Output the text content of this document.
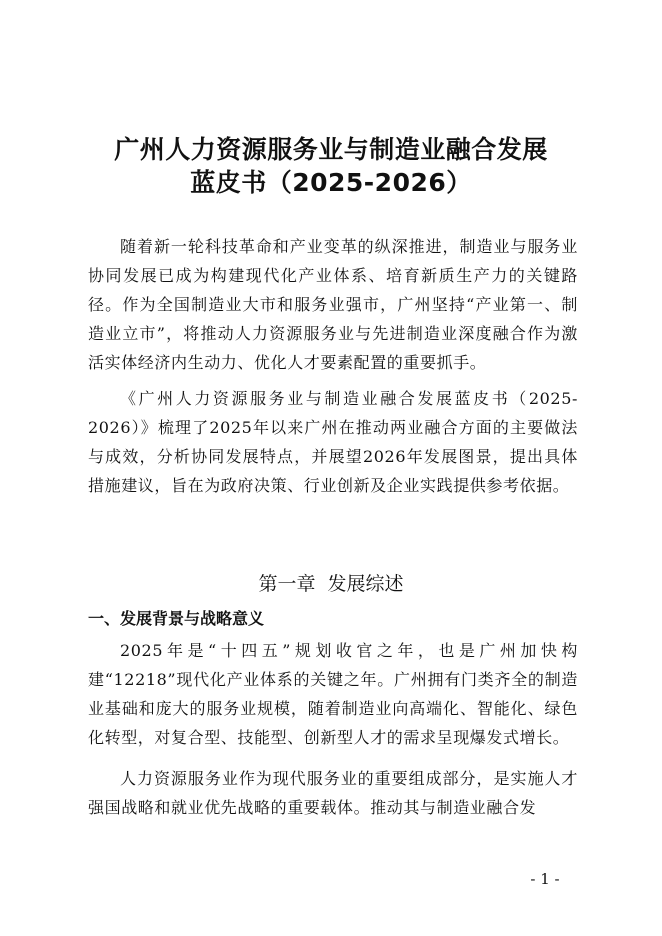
广州人力资源服务业与制造业融合发展
蓝皮书（2025-2026）

随着新一轮科技革命和产业变革的纵深推进，制造业与服务业协同发展已成为构建现代化产业体系、培育新质生产力的关键路径。作为全国制造业大市和服务业强市，广州坚持“产业第一、制造业立市”，将推动人力资源服务业与先进制造业深度融合作为激活实体经济内生动力、优化人才要素配置的重要抓手。

《广州人力资源服务业与制造业融合发展蓝皮书（2025-2026）》梳理了2025年以来广州在推动两业融合方面的主要做法与成效，分析协同发展特点，并展望2026年发展图景，提出具体措施建议，旨在为政府决策、行业创新及企业实践提供参考依据。

第一章  发展综述
一、发展背景与战略意义

2025年是“十四五”规划收官之年，也是广州加快构建“12218”现代化产业体系的关键之年。广州拥有门类齐全的制造业基础和庞大的服务业规模，随着制造业向高端化、智能化、绿色化转型，对复合型、技能型、创新型人才的需求呈现爆发式增长。

人力资源服务业作为现代服务业的重要组成部分，是实施人才强国战略和就业优先战略的重要载体。推动其与制造业融合发

- 1 -
